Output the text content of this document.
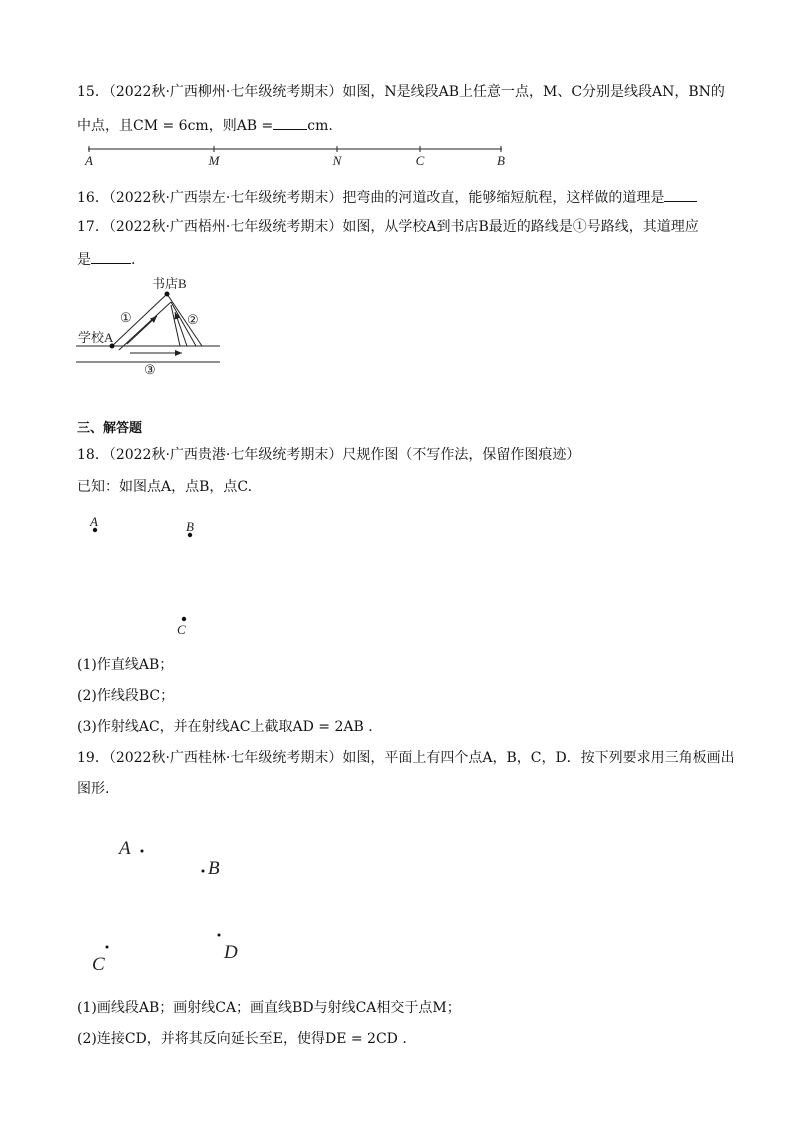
15．（2022秋·广西柳州·七年级统考期末）如图，N是线段AB上任意一点，M、C分别是线段AN，BN的
中点，且CM = 6cm，则AB = cm.
A	M	N	C	B
16．（2022秋·广西崇左·七年级统考期末）把弯曲的河道改直，能够缩短航程，这样做的道理是
17．（2022秋·广西梧州·七年级统考期末）如图，从学校A到书店B最近的路线是①号路线，其道理应
是	.
书店B
学校A
①	②
③
三、解答题
18．（2022秋·广西贵港·七年级统考期末）尺规作图（不写作法，保留作图痕迹）
已知：如图点A，点B，点C.
A	B
C
(1)作直线AB；
(2)作线段BC；
(3)作射线AC，并在射线AC上截取AD = 2AB .
19．（2022秋·广西桂林·七年级统考期末）如图，平面上有四个点A，B，C，D．按下列要求用三角板画出
图形.
A
B
C
D
(1)画线段AB；画射线CA；画直线BD与射线CA相交于点M；
(2)连接CD，并将其反向延长至E，使得DE = 2CD .
